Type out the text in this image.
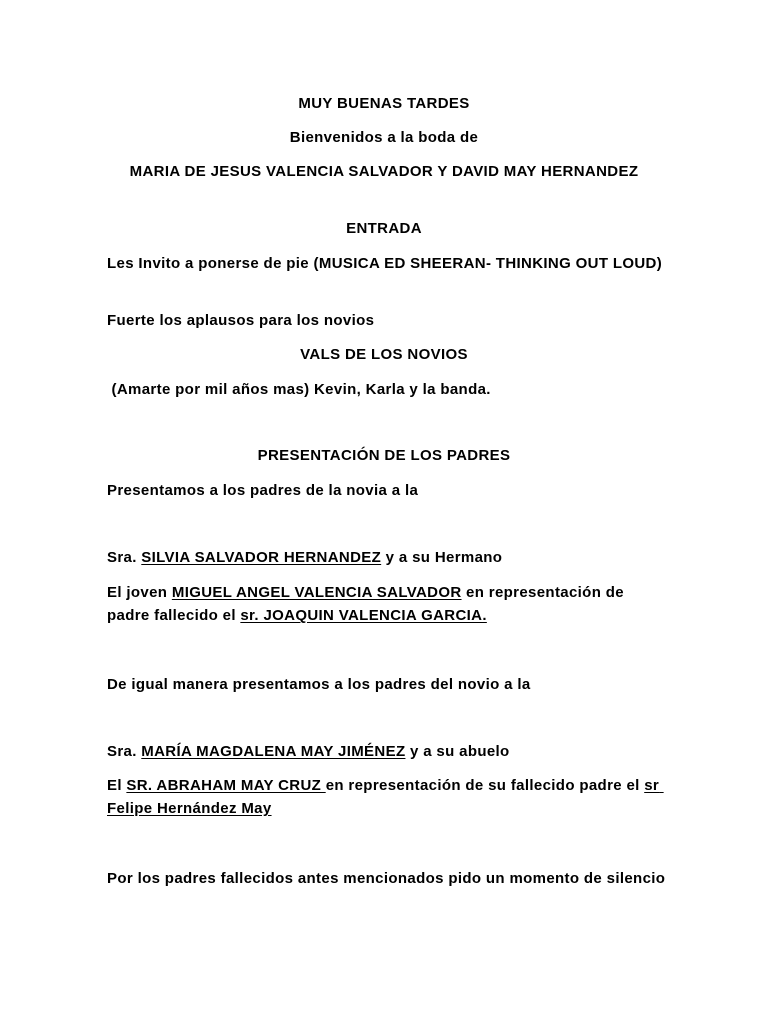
MUY BUENAS TARDES

Bienvenidos a la boda de

MARIA DE JESUS VALENCIA SALVADOR Y DAVID MAY HERNANDEZ

ENTRADA

Les Invito a ponerse de pie (MUSICA ED SHEERAN- THINKING OUT LOUD)

Fuerte los aplausos para los novios

VALS DE LOS NOVIOS

(Amarte por mil años mas) Kevin, Karla y la banda.

PRESENTACIÓN DE LOS PADRES

Presentamos a los padres de la novia a la

Sra. SILVIA SALVADOR HERNANDEZ y a su Hermano

El joven MIGUEL ANGEL VALENCIA SALVADOR en representación de padre fallecido el sr. JOAQUIN VALENCIA GARCIA.

De igual manera presentamos a los padres del novio a la

Sra. MARÍA MAGDALENA MAY JIMÉNEZ y a su abuelo

El SR. ABRAHAM MAY CRUZ en representación de su fallecido padre el sr Felipe Hernández May

Por los padres fallecidos antes mencionados pido un momento de silencio
